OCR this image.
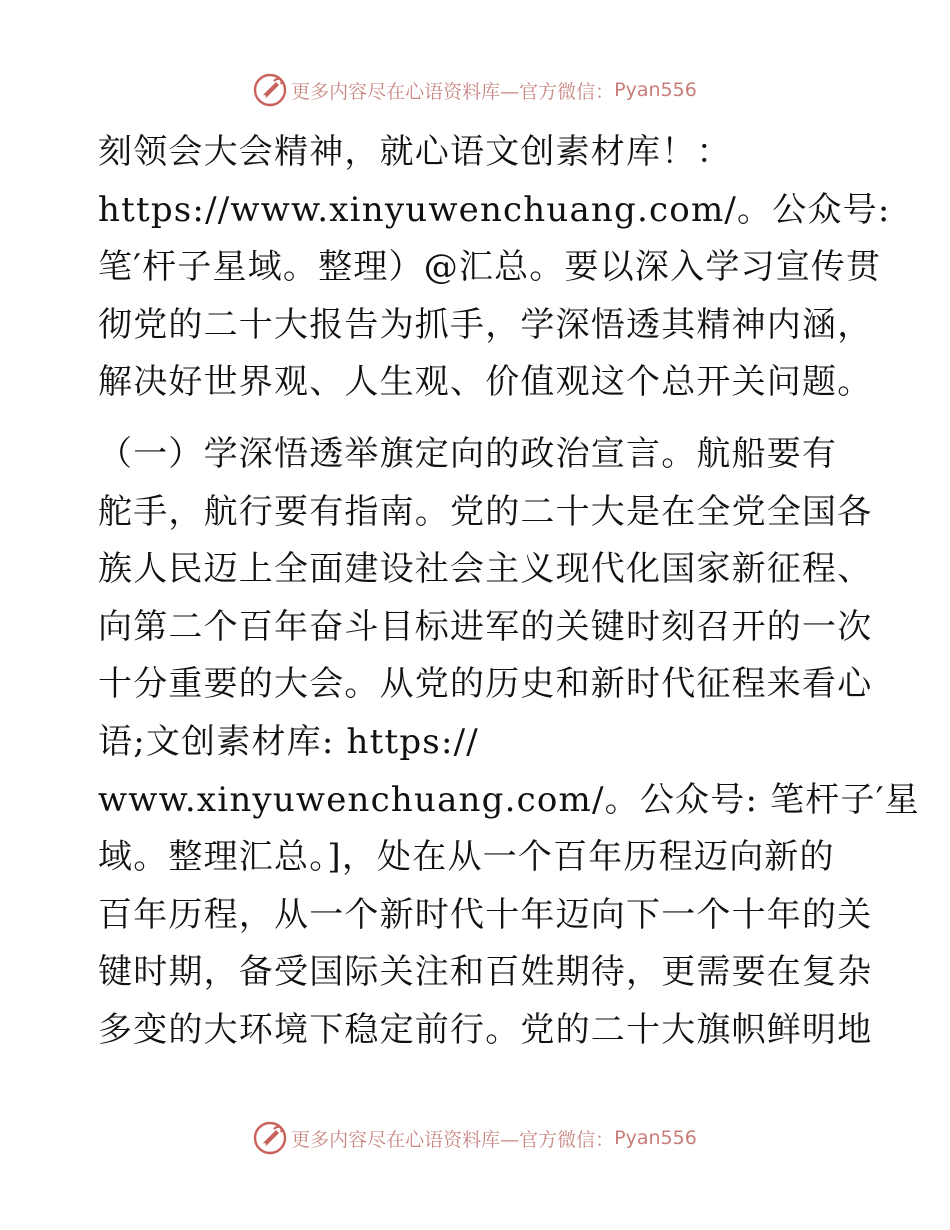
更多内容尽在心语资料库—官方微信： Pyan556
刻领会大会精神，就心语文创素材库！：
https://www.xinyuwenchuang.com/。公众号:
笔′杆子星域。整理）@汇总。要以深入学习宣传贯
彻党的二十大报告为抓手，学深悟透其精神内涵，
解决好世界观、人生观、价值观这个总开关问题。
（一）学深悟透举旗定向的政治宣言。航船要有
舵手，航行要有指南。党的二十大是在全党全国各
族人民迈上全面建设社会主义现代化国家新征程、
向第二个百年奋斗目标进军的关键时刻召开的一次
十分重要的大会。从党的历史和新时代征程来看心
语;文创素材库: https://
www.xinyuwenchuang.com/。公众号: 笔杆子′星
域。整理汇总。]，处在从一个百年历程迈向新的
百年历程，从一个新时代十年迈向下一个十年的关
键时期，备受国际关注和百姓期待，更需要在复杂
多变的大环境下稳定前行。党的二十大旗帜鲜明地
更多内容尽在心语资料库—官方微信： Pyan556
